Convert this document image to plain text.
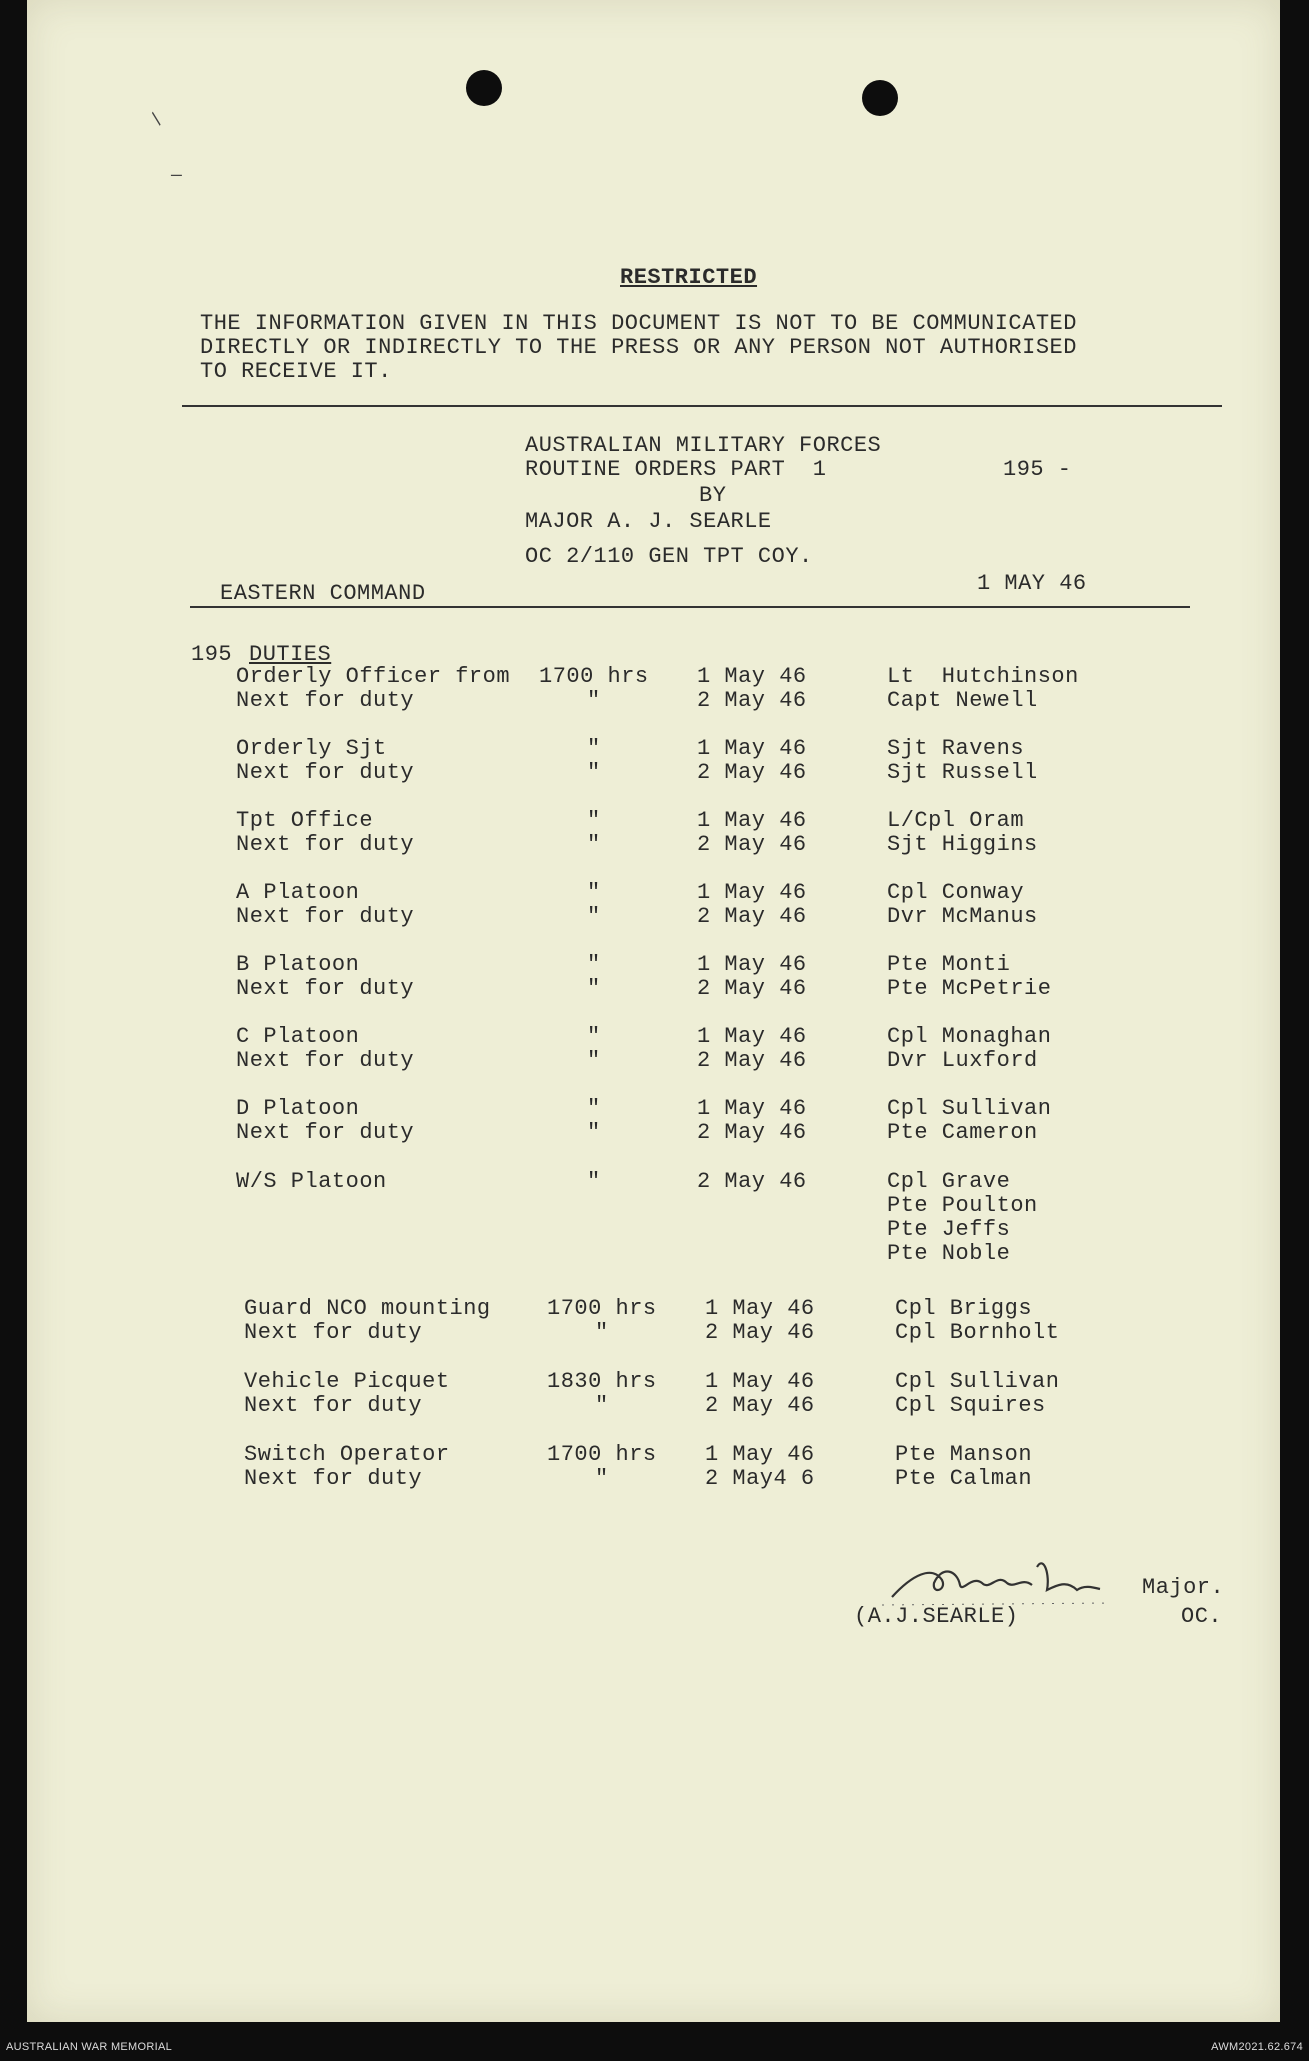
/
—
RESTRICTED
THE INFORMATION GIVEN IN THIS DOCUMENT IS NOT TO BE COMMUNICATED
DIRECTLY OR INDIRECTLY TO THE PRESS OR ANY PERSON NOT AUTHORISED
TO RECEIVE IT.
AUSTRALIAN MILITARY FORCES
ROUTINE ORDERS PART  1	195 -
BY
MAJOR A. J. SEARLE
OC 2/110 GEN TPT COY.
EASTERN COMMAND	1 MAY 46
195 DUTIES
Orderly Officer from 1700 hrs 1 May 46	Lt  Hutchinson
Next for duty	"	2 May 46	Capt Newell
Orderly Sjt	"	1 May 46	Sjt Ravens
Next for duty	"	2 May 46	Sjt Russell
Tpt Office	"	1 May 46	L/Cpl Oram
Next for duty	"	2 May 46	Sjt Higgins
A Platoon	"	1 May 46	Cpl Conway
Next for duty	"	2 May 46	Dvr McManus
B Platoon	"	1 May 46	Pte Monti
Next for duty	"	2 May 46	Pte McPetrie
C Platoon	"	1 May 46	Cpl Monaghan
Next for duty	"	2 May 46	Dvr Luxford
D Platoon	"	1 May 46	Cpl Sullivan
Next for duty	"	2 May 46	Pte Cameron
W/S Platoon	"	2 May 46	Cpl Grave
Pte Poulton
Pte Jeffs
Pte Noble
Guard NCO mounting	1700 hrs 1 May 46	Cpl Briggs
Next for duty	"	2 May 46	Cpl Bornholt
Vehicle Picquet	1830 hrs 1 May 46	Cpl Sullivan
Next for duty	"	2 May 46	Cpl Squires
Switch Operator	1700 hrs 1 May 46	Pte Manson
Next for duty	"	2 May4 6	Pte Calman
Major.
(A.J.SEARLE)	OC.
AUSTRALIAN WAR MEMORIAL	AWM2021.62.674
